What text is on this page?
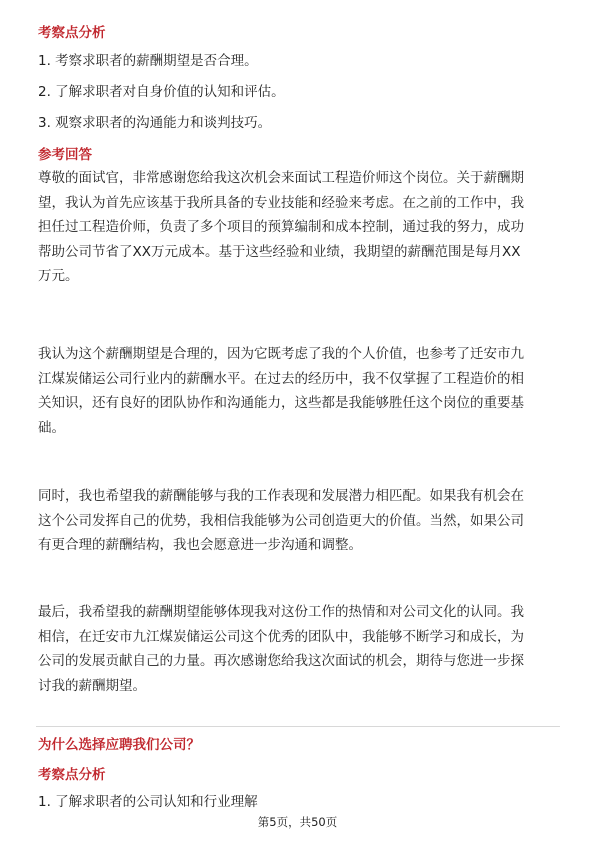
考察点分析
1. 考察求职者的薪酬期望是否合理。
2. 了解求职者对自身价值的认知和评估。
3. 观察求职者的沟通能力和谈判技巧。
参考回答
尊敬的面试官，非常感谢您给我这次机会来面试工程造价师这个岗位。关于薪酬期
望，我认为首先应该基于我所具备的专业技能和经验来考虑。在之前的工作中，我
担任过工程造价师，负责了多个项目的预算编制和成本控制，通过我的努力，成功
帮助公司节省了XX万元成本。基于这些经验和业绩，我期望的薪酬范围是每月XX
万元。
我认为这个薪酬期望是合理的，因为它既考虑了我的个人价值，也参考了迁安市九
江煤炭储运公司行业内的薪酬水平。在过去的经历中，我不仅掌握了工程造价的相
关知识，还有良好的团队协作和沟通能力，这些都是我能够胜任这个岗位的重要基
础。
同时，我也希望我的薪酬能够与我的工作表现和发展潜力相匹配。如果我有机会在
这个公司发挥自己的优势，我相信我能够为公司创造更大的价值。当然，如果公司
有更合理的薪酬结构，我也会愿意进一步沟通和调整。
最后，我希望我的薪酬期望能够体现我对这份工作的热情和对公司文化的认同。我
相信，在迁安市九江煤炭储运公司这个优秀的团队中，我能够不断学习和成长，为
公司的发展贡献自己的力量。再次感谢您给我这次面试的机会，期待与您进一步探
讨我的薪酬期望。
为什么选择应聘我们公司？
考察点分析
1. 了解求职者的公司认知和行业理解
第5页，共50页
